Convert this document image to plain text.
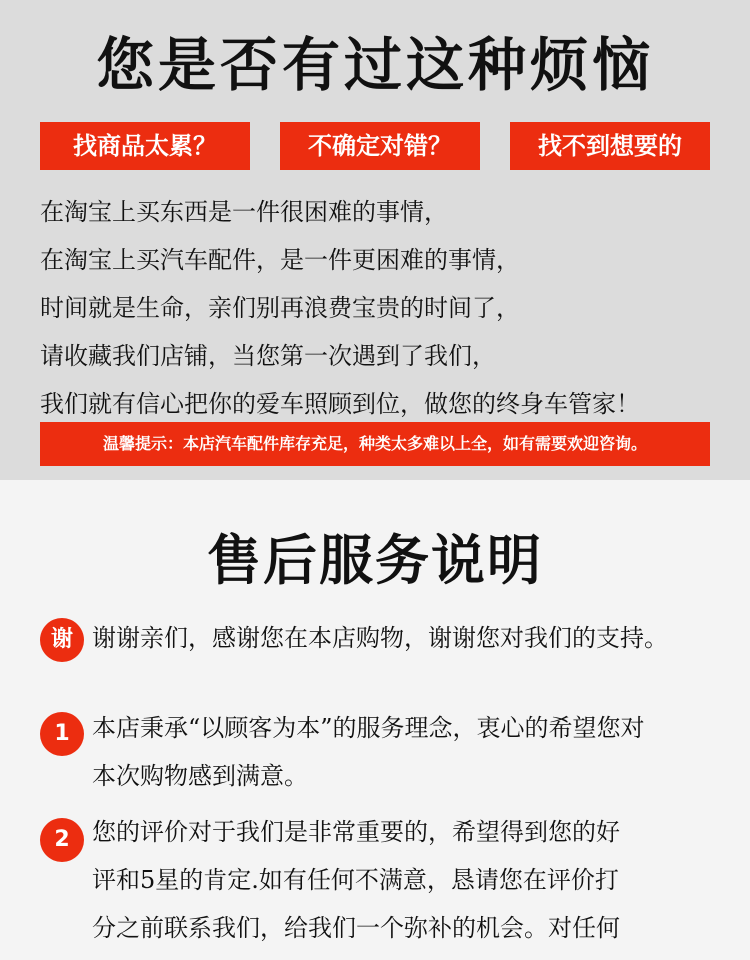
您是否有过这种烦恼
找商品太累？	不确定对错？	找不到想要的
在淘宝上买东西是一件很困难的事情，
在淘宝上买汽车配件，是一件更困难的事情，
时间就是生命，亲们别再浪费宝贵的时间了，
请收藏我们店铺，当您第一次遇到了我们，
我们就有信心把你的爱车照顾到位，做您的终身车管家！
温馨提示：本店汽车配件库存充足，种类太多难以上全，如有需要欢迎咨询。
售后服务说明
谢 谢谢亲们，感谢您在本店购物，谢谢您对我们的支持。
1 本店秉承“以顾客为本”的服务理念，衷心的希望您对
本次购物感到满意。
2 您的评价对于我们是非常重要的，希望得到您的好
评和5星的肯定.如有任何不满意，恳请您在评价打
分之前联系我们，给我们一个弥补的机会。对任何
